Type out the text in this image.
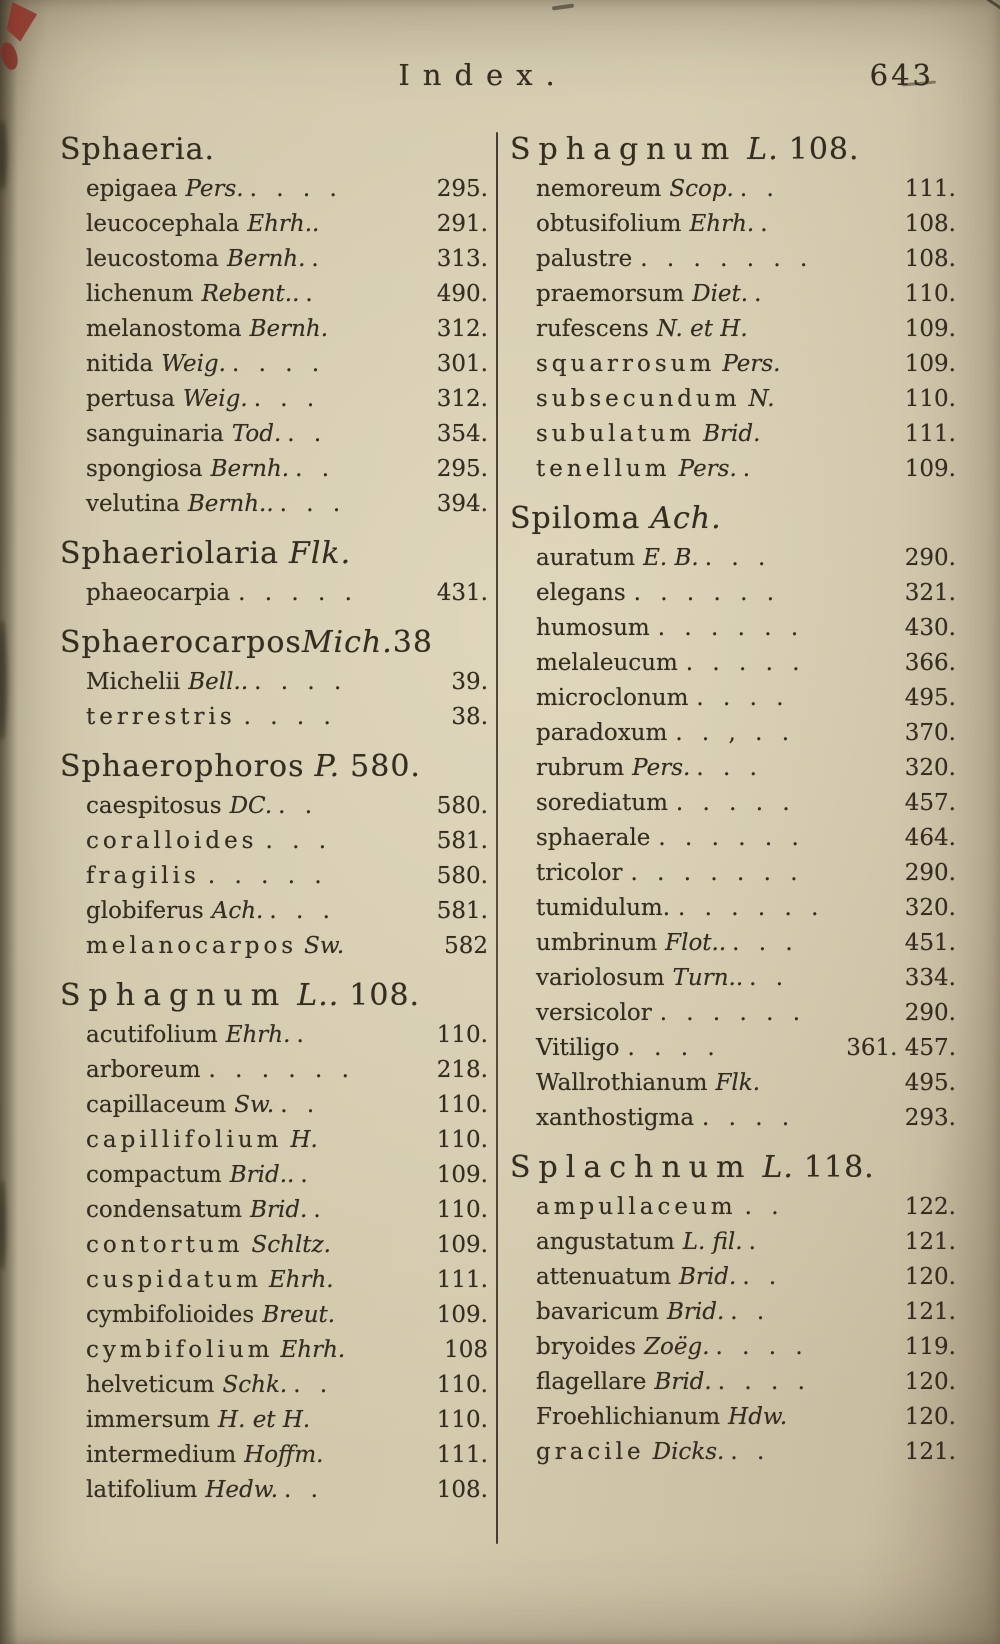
Index.	643
Sphaeria.
epigaea Pers. . . . .	295.
leucocephala Ehrh..	291.
leucostoma Bernh. .	313.
lichenum Rebent.. .	490.
melanostoma Bernh.	312.
nitida Weig. . . . .	301.
pertusa Weig. . . .	312.
sanguinaria Tod. . .	354.
spongiosa Bernh. . .	295.
velutina Bernh.. . . .	394.
Sphaeriolaria Flk.
phaeocarpia . . . . .	431.
SphaerocarposMich.38
Michelii Bell.. . . . .	39.
terrestris . . . .	38.
Sphaerophoros P. 580.
caespitosus DC. . .	580.
coralloides . . .	581.
fragilis . . . . .	580.
globiferus Ach. . . .	581.
melanocarpos Sw.	582
Sphagnum L.. 108.
acutifolium Ehrh. .	110.
arboreum . . . . . .	218.
capillaceum Sw. . .	110.
capillifolium H.	110.
compactum Brid.. .	109.
condensatum Brid. .	110.
contortum Schltz.	109.
cuspidatum Ehrh.	111.
cymbifolioides Breut.	109.
cymbifolium Ehrh.	108
helveticum Schk. . .	110.
immersum H. et H.	110.
intermedium Hoffm.	111.
latifolium Hedw. . .	108.
Sphagnum L. 108.
nemoreum Scop. . .	111.
obtusifolium Ehrh. .	108.
palustre . . . . . . .	108.
praemorsum Diet. .	110.
rufescens N. et H.	109.
squarrosum Pers.	109.
subsecundum N.	110.
subulatum Brid.	111.
tenellum Pers. .	109.
Spiloma Ach.
auratum E. B. . . .	290.
elegans . . . . . .	321.
humosum . . . . . .	430.
melaleucum . . . . .	366.
microclonum . . . .	495.
paradoxum . . , . .	370.
rubrum Pers. . . .	320.
sorediatum . . . . .	457.
sphaerale . . . . . .	464.
tricolor . . . . . . .	290.
tumidulum. . . . . . .	320.
umbrinum Flot.. . . .	451.
variolosum Turn.. . .	334.
versicolor . . . . . .	290.
Vitiligo . . . .	361. 457.
Wallrothianum Flk.	495.
xanthostigma . . . .	293.
Splachnum L. 118.
ampullaceum . .	122.
angustatum L. fil. .	121.
attenuatum Brid. . .	120.
bavaricum Brid. . .	121.
bryoides Zoëg. . . . .	119.
flagellare Brid. . . . .	120.
Froehlichianum Hdw.	120.
gracile Dicks. . .	121.
